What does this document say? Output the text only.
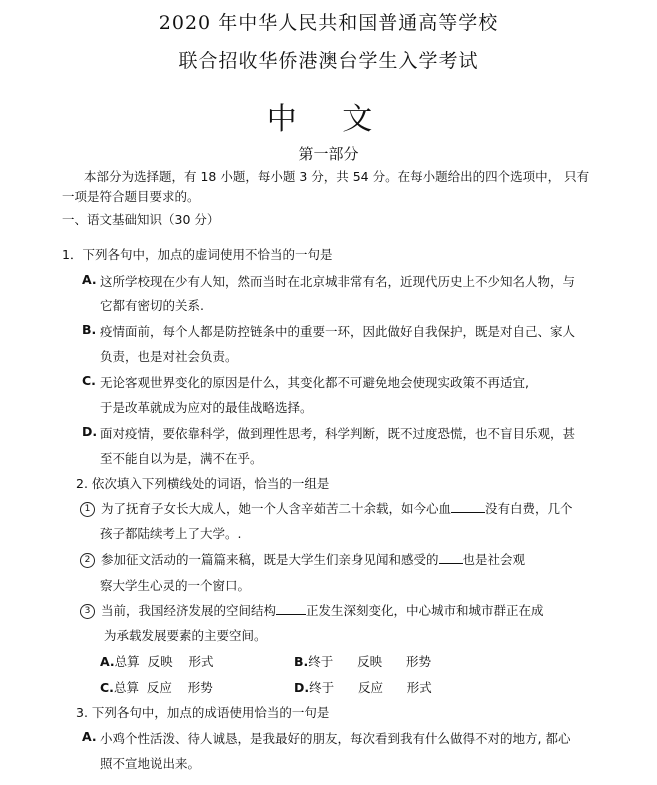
2020 年中华人民共和国普通高等学校
联合招收华侨港澳台学生入学考试
中 文
第一部分
本部分为选择题，有 18 小题，每小题 3 分，共 54 分。在每小题给出的四个选项中， 只有
一项是符合题目要求的。
一、语文基础知识（30 分）
1．下列各句中，加点的虚词使用不恰当的一句是
A. 这所学校现在少有人知，然而当时在北京城非常有名，近现代历史上不少知名人物，与
它都有密切的关系.
B. 疫情面前，每个人都是防控链条中的重要一环，因此做好自我保护，既是对自己、家人
负责，也是对社会负责。
C. 无论客观世界变化的原因是什么，其变化都不可避免地会使现实政策不再适宜,
于是改革就成为应对的最佳战略选择。
D. 面对疫情，要依靠科学，做到理性思考，科学判断，既不过度恐慌，也不盲目乐观，甚
至不能自以为是，满不在乎。
2. 依次填入下列横线处的词语，恰当的一组是
1 为了抚育子女长大成人，她一个人含辛茹苦二十余载，如今心血	没有白费，几个
孩子都陆续考上了大学。.
2 参加征文活动的一篇篇来稿，既是大学生们亲身见闻和感受的 也是社会观
察大学生心灵的一个窗口。
3 当前，我国经济发展的空间结构 正发生深刻变化，中心城市和城市群正在成
为承载发展要素的主要空间。
A.总算  反映    形式	B.终于      反映      形势
C.总算  反应    形势	D.终于      反应      形式
3. 下列各句中，加点的成语使用恰当的一句是
A. 小鸡个性活泼、待人诚恳，是我最好的朋友，每次看到我有什么做得不对的地方, 都心
照不宣地说出来。
